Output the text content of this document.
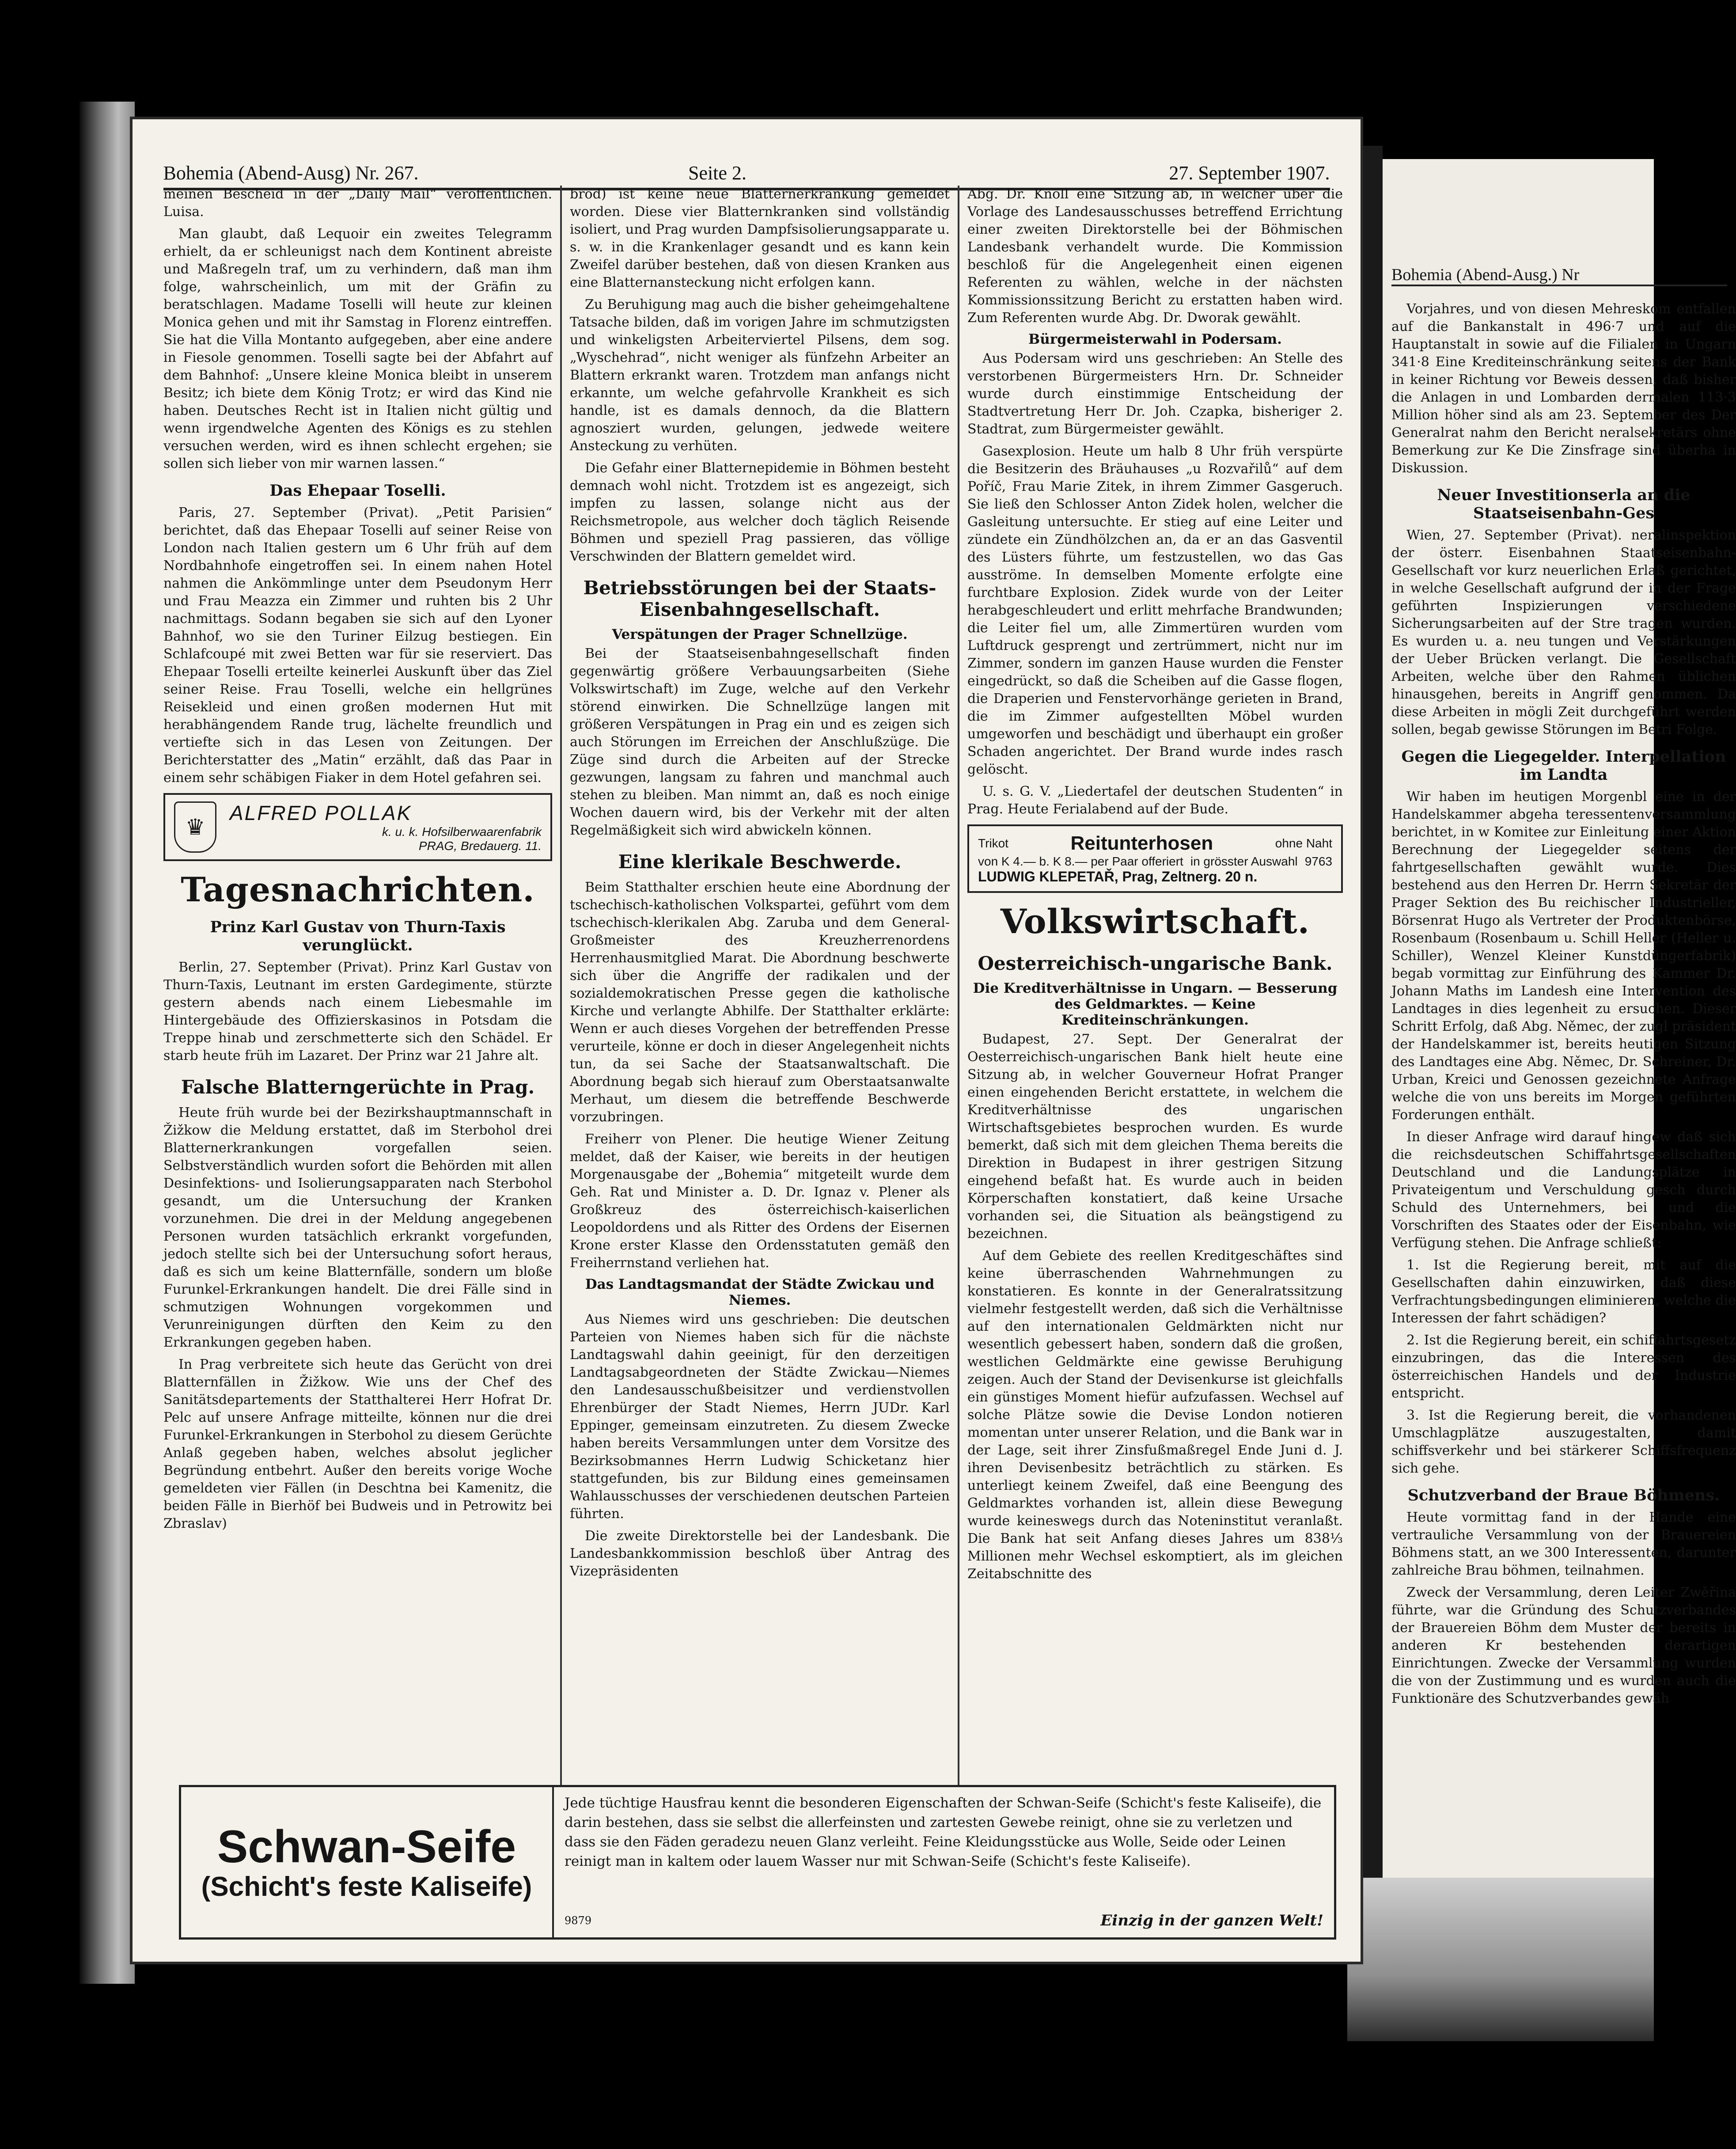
Bohemia (Abend-Ausg.) Nr

Vorjahres, und von diesen Mehreskom entfallen auf die Bankanstalt in 496·7 und auf die Hauptanstalt in sowie auf die Filialen in Ungarn 341·8 Eine Krediteinschränkung seitens der Bank in keiner Richtung vor Beweis dessen, daß bisher die Anlagen in und Lombarden dermalen 113·3 Million höher sind als am 23. September des Der Generalrat nahm den Bericht neralsekretärs ohne Bemerkung zur Ke Die Zinsfrage sind überha in Diskussion.

Neuer Investitionserla an die Staatseisenbahn-Ges

Wien, 27. September (Privat). neralinspektion der österr. Eisenbahnen Staatseisenbahn-Gesellschaft vor kurz neuerlichen Erlaß gerichtet, in welche Gesellschaft aufgrund der in der Frage geführten Inspizierungen verschiedene Sicherungsarbeiten auf der Stre tragen wurden. Es wurden u. a. neu tungen und Verstärkungen der Ueber Brücken verlangt. Die Gesellschaft Arbeiten, welche über den Rahmen üblichen hinausgehen, bereits in Angriff genommen. Da diese Arbeiten in mögli Zeit durchgeführt werden sollen, begab gewisse Störungen im Betri Folge.

Gegen die Liegegelder. Interpellation im Landta

Wir haben im heutigen Morgenbl eine in der Handelskammer abgeha teressentenversammlung berichtet, in w Komitee zur Einleitung einer Aktion Berechnung der Liegegelder seitens der fahrtgesellschaften gewählt wurde. Dies bestehend aus den Herren Dr. Herrn Sekretär der Prager Sektion des Bu reichischer Industrieller, Börsenrat Hugo als Vertreter der Produktenbörse, Rosenbaum (Rosenbaum u. Schill Heller (Heller u. Schiller), Wenzel Kleiner Kunstdüngerfabrik) begab vormittag zur Einführung des Kammer Dr. Johann Maths im Landesh eine Intervention des Landtages in dies legenheit zu ersuchen. Dieser Schritt Erfolg, daß Abg. Němec, der zugl präsident der Handelskammer ist, bereits heutigen Sitzung des Landtages eine Abg. Němec, Dr. Schreiner, Dr. Urban, Kreici und Genossen gezeichnete Anfrage welche die von uns bereits im Morgen geführten Forderungen enthält.

In dieser Anfrage wird darauf hingew daß sich die reichsdeutschen Schiffahrtsgesellschaften Deutschland und die Landungsplätze in Privateigentum und Verschuldung gesch durch Schuld des Unternehmers, bei und die Vorschriften des Staates oder der Eisenbahn, wie Verfügung stehen. Die Anfrage schließt:

1. Ist die Regierung bereit, mit auf die Gesellschaften dahin einzuwirken, daß diese Verfrachtungsbedingungen eliminieren, welche die Interessen der fahrt schädigen?

2. Ist die Regierung bereit, ein schiffahrtsgesetz einzubringen, das die Interessen des österreichischen Handels und der Industrie entspricht.

3. Ist die Regierung bereit, die vorhandenen Umschlagplätze auszugestalten, damit schiffsverkehr und bei stärkerer Schiffsfrequenz sich gehe.

Schutzverband der Braue Böhmens.

Heute vormittag fand in der Hande eine vertrauliche Versammlung von der Brauereien Böhmens statt, an we 300 Interessenten, darunter zahlreiche Brau böhmen, teilnahmen.

Zweck der Versammlung, deren Leiter Zwěřina führte, war die Gründung des Schutzverbandes der Brauereien Böhm dem Muster der bereits in anderen Kr bestehenden derartigen Einrichtungen. Zwecke der Versammlung wurden die von der Zustimmung und es wurden auch die Funktionäre des Schutzverbandes gewäh

Bohemia (Abend-Ausg) Nr. 267.	Seite 2.	27. September 1907.

meinen Bescheid in der „Daily Mail“ veröffentlichen. Luisa.

Man glaubt, daß Lequoir ein zweites Telegramm erhielt, da er schleunigst nach dem Kontinent abreiste und Maßregeln traf, um zu verhindern, daß man ihm folge, wahrscheinlich, um mit der Gräfin zu beratschlagen. Madame Toselli will heute zur kleinen Monica gehen und mit ihr Samstag in Florenz eintreffen. Sie hat die Villa Montanto aufgegeben, aber eine andere in Fiesole genommen. Toselli sagte bei der Abfahrt auf dem Bahnhof: „Unsere kleine Monica bleibt in unserem Besitz; ich biete dem König Trotz; er wird das Kind nie haben. Deutsches Recht ist in Italien nicht gültig und wenn irgendwelche Agenten des Königs es zu stehlen versuchen werden, wird es ihnen schlecht ergehen; sie sollen sich lieber von mir warnen lassen.“

Das Ehepaar Toselli.

Paris, 27. September (Privat). „Petit Parisien“ berichtet, daß das Ehepaar Toselli auf seiner Reise von London nach Italien gestern um 6 Uhr früh auf dem Nordbahnhofe eingetroffen sei. In einem nahen Hotel nahmen die Ankömmlinge unter dem Pseudonym Herr und Frau Meazza ein Zimmer und ruhten bis 2 Uhr nachmittags. Sodann begaben sie sich auf den Lyoner Bahnhof, wo sie den Turiner Eilzug bestiegen. Ein Schlafcoupé mit zwei Betten war für sie reserviert. Das Ehepaar Toselli erteilte keinerlei Auskunft über das Ziel seiner Reise. Frau Toselli, welche ein hellgrünes Reisekleid und einen großen modernen Hut mit herabhängendem Rande trug, lächelte freundlich und vertiefte sich in das Lesen von Zeitungen. Der Berichterstatter des „Matin“ erzählt, daß das Paar in einem sehr schäbigen Fiaker in dem Hotel gefahren sei.

♛
ALFRED POLLAK
k. u. k. Hofsilberwaarenfabrik
PRAG, Bredauerg. 11.
Tagesnachrichten.
Prinz Karl Gustav von Thurn-Taxis verunglückt.

Berlin, 27. September (Privat). Prinz Karl Gustav von Thurn-Taxis, Leutnant im ersten Gardegimente, stürzte gestern abends nach einem Liebesmahle im Hintergebäude des Offizierskasinos in Potsdam die Treppe hinab und zerschmetterte sich den Schädel. Er starb heute früh im Lazaret. Der Prinz war 21 Jahre alt.

Falsche Blatterngerüchte in Prag.

Heute früh wurde bei der Bezirkshauptmannschaft in Žižkow die Meldung erstattet, daß im Sterbohol drei Blatternerkrankungen vorgefallen seien. Selbstverständlich wurden sofort die Behörden mit allen Desinfektions- und Isolierungsapparaten nach Sterbohol gesandt, um die Untersuchung der Kranken vorzunehmen. Die drei in der Meldung angegebenen Personen wurden tatsächlich erkrankt vorgefunden, jedoch stellte sich bei der Untersuchung sofort heraus, daß es sich um keine Blatternfälle, sondern um bloße Furunkel-Erkrankungen handelt. Die drei Fälle sind in schmutzigen Wohnungen vorgekommen und Verunreinigungen dürften den Keim zu den Erkrankungen gegeben haben.

In Prag verbreitete sich heute das Gerücht von drei Blatternfällen in Žižkow. Wie uns der Chef des Sanitätsdepartements der Statthalterei Herr Hofrat Dr. Pelc auf unsere Anfrage mitteilte, können nur die drei Furunkel-Erkrankungen in Sterbohol zu diesem Gerüchte Anlaß gegeben haben, welches absolut jeglicher Begründung entbehrt. Außer den bereits vorige Woche gemeldeten vier Fällen (in Deschtna bei Kamenitz, die beiden Fälle in Bierhöf bei Budweis und in Petrowitz bei Zbraslav)

brod) ist keine neue Blatternerkrankung gemeldet worden. Diese vier Blatternkranken sind vollständig isoliert, und Prag wurden Dampfsisolierungsapparate u. s. w. in die Krankenlager gesandt und es kann kein Zweifel darüber bestehen, daß von diesen Kranken aus eine Blatternansteckung nicht erfolgen kann.

Zu Beruhigung mag auch die bisher geheimgehaltene Tatsache bilden, daß im vorigen Jahre im schmutzigsten und winkeligsten Arbeiterviertel Pilsens, dem sog. „Wyschehrad“, nicht weniger als fünfzehn Arbeiter an Blattern erkrankt waren. Trotzdem man anfangs nicht erkannte, um welche gefahrvolle Krankheit es sich handle, ist es damals dennoch, da die Blattern agnosziert wurden, gelungen, jedwede weitere Ansteckung zu verhüten.

Die Gefahr einer Blatternepidemie in Böhmen besteht demnach wohl nicht. Trotzdem ist es angezeigt, sich impfen zu lassen, solange nicht aus der Reichsmetropole, aus welcher doch täglich Reisende Böhmen und speziell Prag passieren, das völlige Verschwinden der Blattern gemeldet wird.

Betriebsstörungen bei der Staats-Eisenbahngesellschaft.
Verspätungen der Prager Schnellzüge.

Bei der Staatseisenbahngesellschaft finden gegenwärtig größere Verbauungsarbeiten (Siehe Volkswirtschaft) im Zuge, welche auf den Verkehr störend einwirken. Die Schnellzüge langen mit größeren Verspätungen in Prag ein und es zeigen sich auch Störungen im Erreichen der Anschlußzüge. Die Züge sind durch die Arbeiten auf der Strecke gezwungen, langsam zu fahren und manchmal auch stehen zu bleiben. Man nimmt an, daß es noch einige Wochen dauern wird, bis der Verkehr mit der alten Regelmäßigkeit sich wird abwickeln können.

Eine klerikale Beschwerde.

Beim Statthalter erschien heute eine Abordnung der tschechisch-katholischen Volkspartei, geführt vom dem tschechisch-klerikalen Abg. Zaruba und dem General-Großmeister des Kreuzherrenordens Herrenhausmitglied Marat. Die Abordnung beschwerte sich über die Angriffe der radikalen und der sozialdemokratischen Presse gegen die katholische Kirche und verlangte Abhilfe. Der Statthalter erklärte: Wenn er auch dieses Vorgehen der betreffenden Presse verurteile, könne er doch in dieser Angelegenheit nichts tun, da sei Sache der Staatsanwaltschaft. Die Abordnung begab sich hierauf zum Oberstaatsanwalte Merhaut, um diesem die betreffende Beschwerde vorzubringen.

Freiherr von Plener. Die heutige Wiener Zeitung meldet, daß der Kaiser, wie bereits in der heutigen Morgenausgabe der „Bohemia“ mitgeteilt wurde dem Geh. Rat und Minister a. D. Dr. Ignaz v. Plener als Großkreuz des österreichisch-kaiserlichen Leopoldordens und als Ritter des Ordens der Eisernen Krone erster Klasse den Ordensstatuten gemäß den Freiherrnstand verliehen hat.

Das Landtagsmandat der Städte Zwickau und Niemes.

Aus Niemes wird uns geschrieben: Die deutschen Parteien von Niemes haben sich für die nächste Landtagswahl dahin geeinigt, für den derzeitigen Landtagsabgeordneten der Städte Zwickau—Niemes den Landesausschußbeisitzer und verdienstvollen Ehrenbürger der Stadt Niemes, Herrn JUDr. Karl Eppinger, gemeinsam einzutreten. Zu diesem Zwecke haben bereits Versammlungen unter dem Vorsitze des Bezirksobmannes Herrn Ludwig Schicketanz hier stattgefunden, bis zur Bildung eines gemeinsamen Wahlausschusses der verschiedenen deutschen Parteien führten.

Die zweite Direktorstelle bei der Landesbank. Die Landesbankkommission beschloß über Antrag des Vizepräsidenten

Abg. Dr. Knoll eine Sitzung ab, in welcher über die Vorlage des Landesausschusses betreffend Errichtung einer zweiten Direktorstelle bei der Böhmischen Landesbank verhandelt wurde. Die Kommission beschloß für die Angelegenheit einen eigenen Referenten zu wählen, welche in der nächsten Kommissionssitzung Bericht zu erstatten haben wird. Zum Referenten wurde Abg. Dr. Dworak gewählt.

Bürgermeisterwahl in Podersam.

Aus Podersam wird uns geschrieben: An Stelle des verstorbenen Bürgermeisters Hrn. Dr. Schneider wurde durch einstimmige Entscheidung der Stadtvertretung Herr Dr. Joh. Czapka, bisheriger 2. Stadtrat, zum Bürgermeister gewählt.

Gasexplosion. Heute um halb 8 Uhr früh verspürte die Besitzerin des Bräuhauses „u Rozvařilů“ auf dem Poříč, Frau Marie Zitek, in ihrem Zimmer Gasgeruch. Sie ließ den Schlosser Anton Zidek holen, welcher die Gasleitung untersuchte. Er stieg auf eine Leiter und zündete ein Zündhölzchen an, da er an das Gasventil des Lüsters führte, um festzustellen, wo das Gas ausströme. In demselben Momente erfolgte eine furchtbare Explosion. Zidek wurde von der Leiter herabgeschleudert und erlitt mehrfache Brandwunden; die Leiter fiel um, alle Zimmertüren wurden vom Luftdruck gesprengt und zertrümmert, nicht nur im Zimmer, sondern im ganzen Hause wurden die Fenster eingedrückt, so daß die Scheiben auf die Gasse flogen, die Draperien und Fenstervorhänge gerieten in Brand, die im Zimmer aufgestellten Möbel wurden umgeworfen und beschädigt und überhaupt ein großer Schaden angerichtet. Der Brand wurde indes rasch gelöscht.

U. s. G. V. „Liedertafel der deutschen Studenten“ in Prag. Heute Ferialabend auf der Bude.

Trikot	Reitunterhosen	ohne Naht
von K 4.— b. K 8.— per Paar offeriert in grösster Auswahl 9763
LUDWIG KLEPETAŘ, Prag, Zeltnerg. 20 n.
Volkswirtschaft.
Oesterreichisch-ungarische Bank.
Die Kreditverhältnisse in Ungarn. — Besserung des Geldmarktes. — Keine Krediteinschränkungen.

Budapest, 27. Sept. Der Generalrat der Oesterreichisch-ungarischen Bank hielt heute eine Sitzung ab, in welcher Gouverneur Hofrat Pranger einen eingehenden Bericht erstattete, in welchem die Kreditverhältnisse des ungarischen Wirtschaftsgebietes besprochen wurden. Es wurde bemerkt, daß sich mit dem gleichen Thema bereits die Direktion in Budapest in ihrer gestrigen Sitzung eingehend befaßt hat. Es wurde auch in beiden Körperschaften konstatiert, daß keine Ursache vorhanden sei, die Situation als beängstigend zu bezeichnen.

Auf dem Gebiete des reellen Kreditgeschäftes sind keine überraschenden Wahrnehmungen zu konstatieren. Es konnte in der Generalratssitzung vielmehr festgestellt werden, daß sich die Verhältnisse auf den internationalen Geldmärkten nicht nur wesentlich gebessert haben, sondern daß die großen, westlichen Geldmärkte eine gewisse Beruhigung zeigen. Auch der Stand der Devisenkurse ist gleichfalls ein günstiges Moment hiefür aufzufassen. Wechsel auf solche Plätze sowie die Devise London notieren momentan unter unserer Relation, und die Bank war in der Lage, seit ihrer Zinsfußmaßregel Ende Juni d. J. ihren Devisenbesitz beträchtlich zu stärken. Es unterliegt keinem Zweifel, daß eine Beengung des Geldmarktes vorhanden ist, allein diese Bewegung wurde keineswegs durch das Noteninstitut veranlaßt. Die Bank hat seit Anfang dieses Jahres um 838⅓ Millionen mehr Wechsel eskomptiert, als im gleichen Zeitabschnitte des

Schwan-Seife
(Schicht's feste Kaliseife)
Jede tüchtige Hausfrau kennt die besonderen Eigenschaften der Schwan-Seife (Schicht's feste Kaliseife), die darin bestehen, dass sie selbst die allerfeinsten und zartesten Gewebe reinigt, ohne sie zu verletzen und dass sie den Fäden geradezu neuen Glanz verleiht. Feine Kleidungsstücke aus Wolle, Seide oder Leinen reinigt man in kaltem oder lauem Wasser nur mit Schwan-Seife (Schicht's feste Kaliseife).
9879	Einzig in der ganzen Welt!
